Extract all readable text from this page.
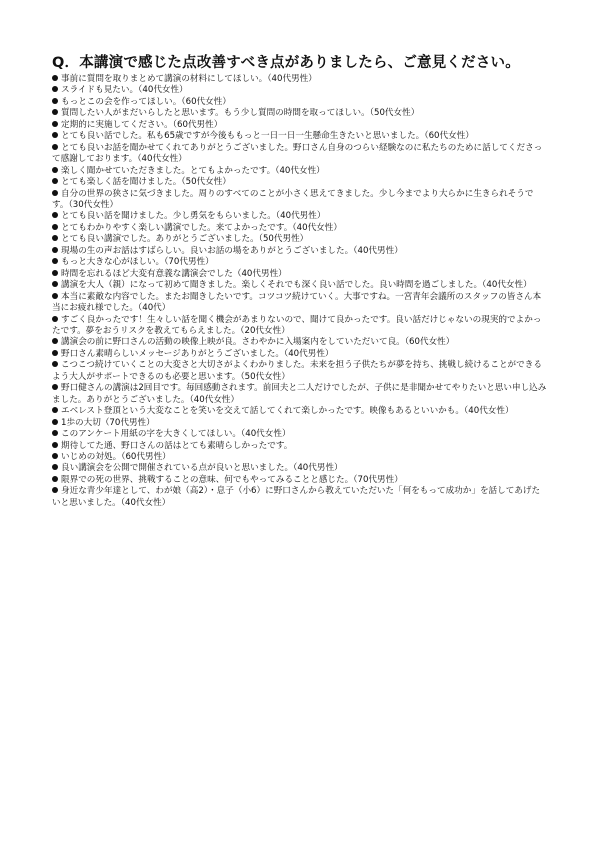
Q．本講演で感じた点改善すべき点がありましたら、ご意見ください。
事前に質問を取りまとめて講演の材料にしてほしい。（40代男性）
スライドも見たい。（40代女性）
もっとこの会を作ってほしい。（60代女性）
質問したい人がまだいらしたと思います。もう少し質問の時間を取ってほしい。（50代女性）
定期的に実施してください。（60代男性）
とても良い話でした。私も65歳ですが今後ももっと一日一日一生懸命生きたいと思いました。（60代女性）
とても良いお話を聞かせてくれてありがとうございました。野口さん自身のつらい経験なのに私たちのために話してくださって感謝しております。（40代女性）
楽しく聞かせていただきました。とてもよかったです。（40代女性）
とても楽しく話を聞けました。（50代女性）
自分の世界の狭さに気づきました。周りのすべてのことが小さく思えてきました。少し今までより大らかに生きられそうです。（30代女性）
とても良い話を聞けました。少し勇気をもらいました。（40代男性）
とてもわかりやすく楽しい講演でした。来てよかったです。（40代女性）
とても良い講演でした。ありがとうございました。（50代男性）
現場の生の声お話はすばらしい。良いお話の場をありがとうございました。（40代男性）
もっと大きな心がほしい。（70代男性）
時間を忘れるほど大変有意義な講演会でした（40代男性）
講演を大人（親）になって初めて聞きました。楽しくそれでも深く良い話でした。良い時間を過ごしました。（40代女性）
本当に素敵な内容でした。またお聞きしたいです。コツコツ続けていく。大事ですね。一宮青年会議所のスタッフの皆さん本当にお疲れ様でした。（40代）
すごく良かったです！生々しい話を聞く機会があまりないので、聞けて良かったです。良い話だけじゃないの現実的でよかったです。夢をおうリスクを教えてもらえました。（20代女性）
講演会の前に野口さんの活動の映像上映が良。さわやかに入場案内をしていただいて良。（60代女性）
野口さん素晴らしいメッセージありがとうございました。（40代男性）
こつこつ続けていくことの大変さと大切さがよくわかりました。未来を担う子供たちが夢を持ち、挑戦し続けることができるよう大人がサポートできるのも必要と思います。（50代女性）
野口健さんの講演は2回目です。毎回感動されます。前回夫と二人だけでしたが、子供に是非聞かせてやりたいと思い申し込みました。ありがとうございました。（40代女性）
エベレスト登頂という大変なことを笑いを交えて話してくれて楽しかったです。映像もあるといいかも。（40代女性）
1歩の大切（70代男性）
このアンケート用紙の字を大きくしてほしい。（40代女性）
期待してた通、野口さんの話はとても素晴らしかったです。
いじめの対処。（60代男性）
良い講演会を公開で開催されている点が良いと思いました。（40代男性）
限界での死の世界、挑戦することの意味、何でもやってみることと感じた。（70代男性）
身近な青少年達として、わが娘（高2）・息子（小6）に野口さんから教えていただいた「何をもって成功か」を話してあげたいと思いました。（40代女性）
